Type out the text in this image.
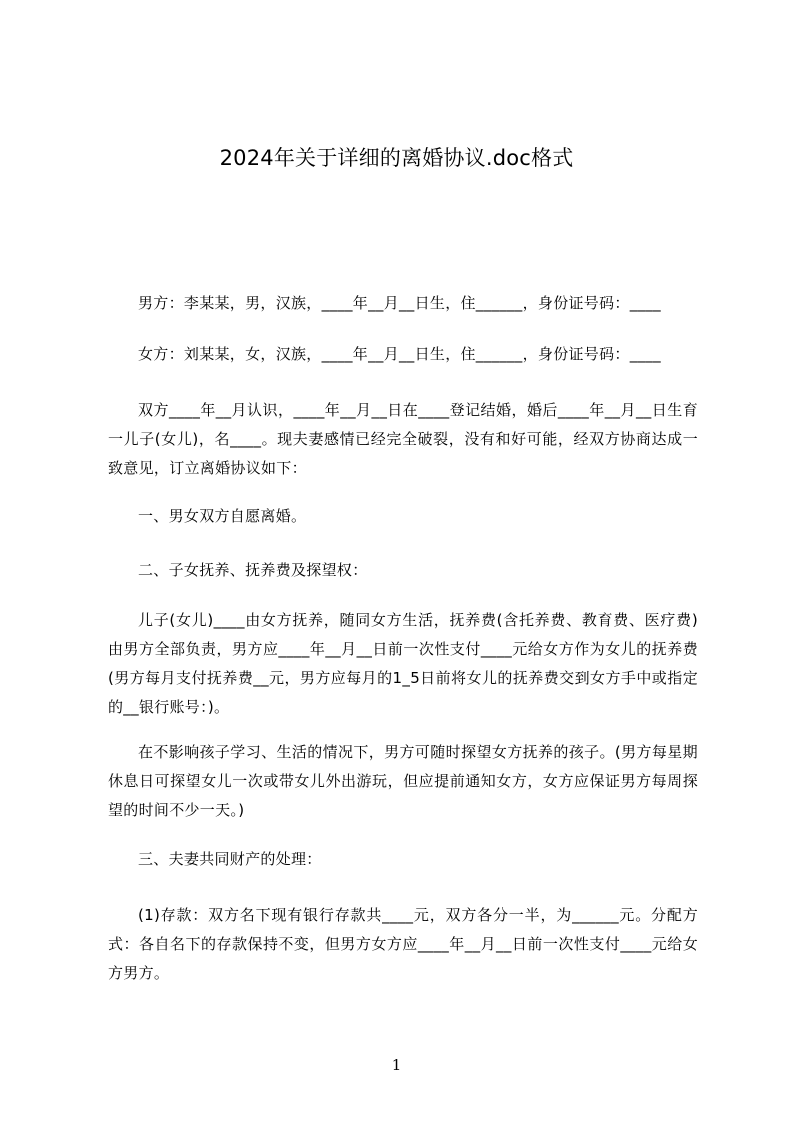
2024年关于详细的离婚协议.doc格式
男方：李某某，男，汉族，____年__月__日生，住______，身份证号码：____
女方：刘某某，女，汉族，____年__月__日生，住______，身份证号码：____
双方____年__月认识，____年__月__日在____登记结婚，婚后____年__月__日生育一儿子(女儿)，名____。现夫妻感情已经完全破裂，没有和好可能，经双方协商达成一致意见，订立离婚协议如下：
一、男女双方自愿离婚。
二、子女抚养、抚养费及探望权：
儿子(女儿)____由女方抚养，随同女方生活，抚养费(含托养费、教育费、医疗费)由男方全部负责，男方应____年__月__日前一次性支付____元给女方作为女儿的抚养费(男方每月支付抚养费__元，男方应每月的1_5日前将女儿的抚养费交到女方手中或指定的__银行账号：)。
在不影响孩子学习、生活的情况下，男方可随时探望女方抚养的孩子。(男方每星期休息日可探望女儿一次或带女儿外出游玩，但应提前通知女方，女方应保证男方每周探望的时间不少一天。)
三、夫妻共同财产的处理：
(1)存款：双方名下现有银行存款共____元，双方各分一半，为______元。分配方式：各自名下的存款保持不变，但男方女方应____年__月__日前一次性支付____元给女方男方。
1
